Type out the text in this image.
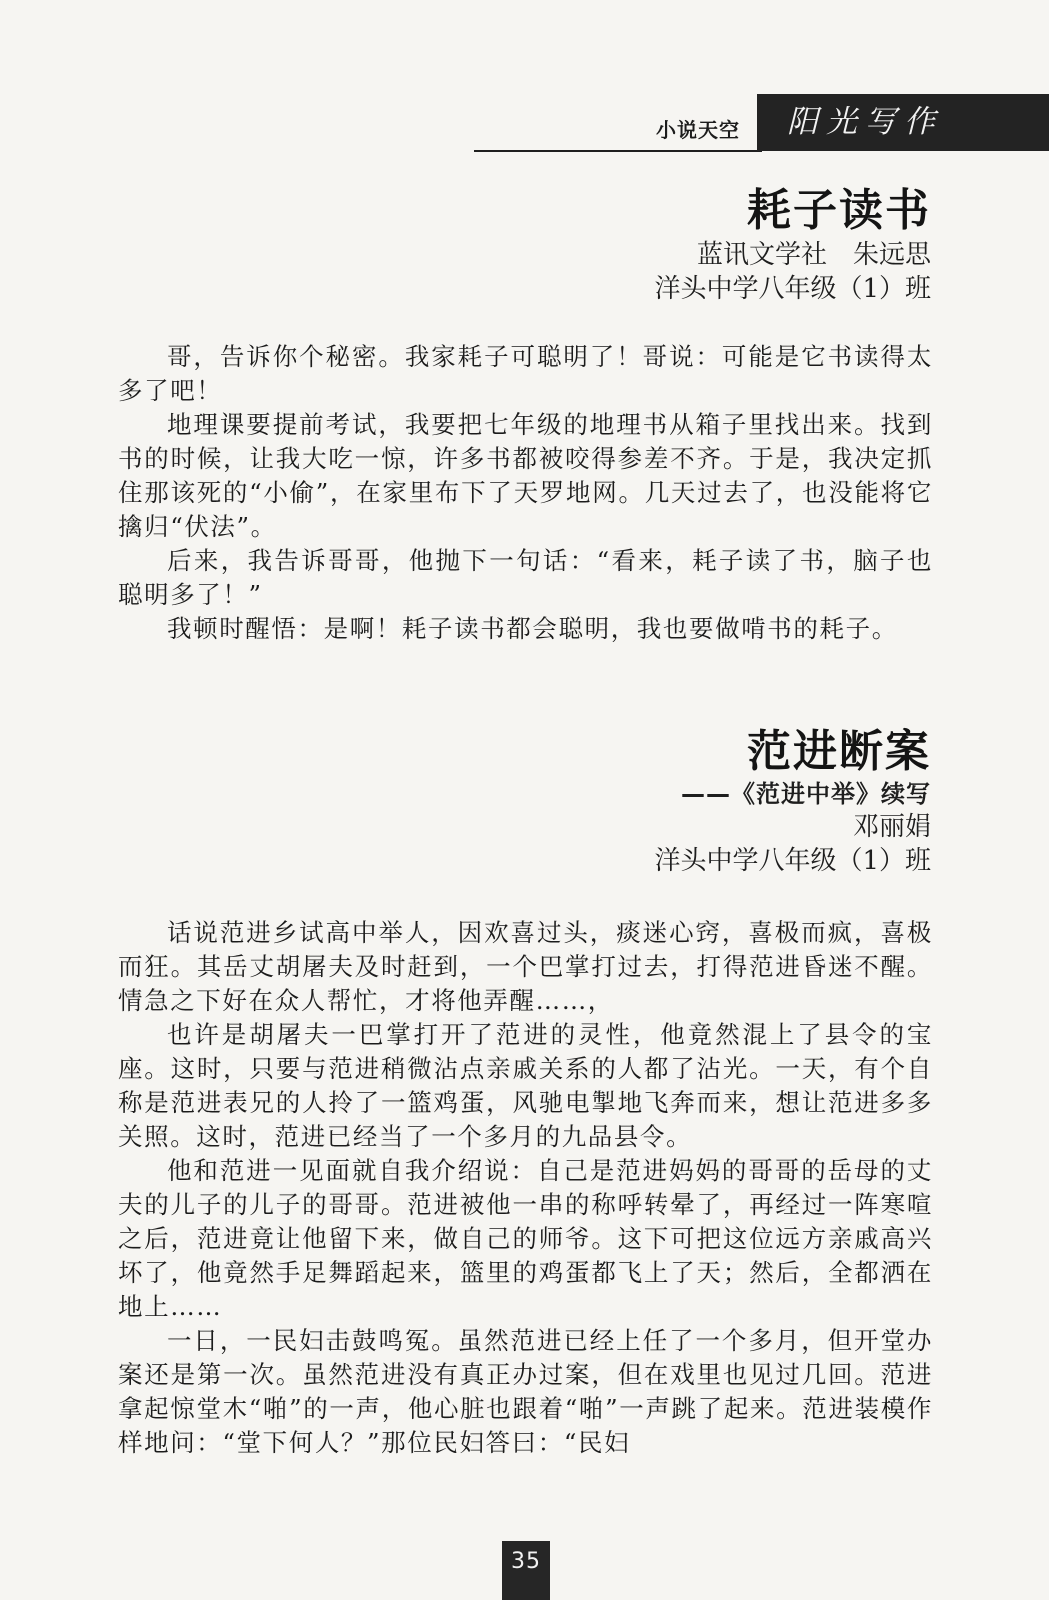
小说天空 阳光写作
耗子读书
蓝讯文学社　朱远思
洋头中学八年级（1）班

哥，告诉你个秘密。我家耗子可聪明了！哥说：可能是它书读得太多了吧！

地理课要提前考试，我要把七年级的地理书从箱子里找出来。找到书的时候，让我大吃一惊，许多书都被咬得参差不齐。于是，我决定抓住那该死的“小偷”，在家里布下了天罗地网。几天过去了，也没能将它擒归“伏法”。

后来，我告诉哥哥，他抛下一句话：“看来，耗子读了书，脑子也聪明多了！”

我顿时醒悟：是啊！耗子读书都会聪明，我也要做啃书的耗子。

范进断案
——《范进中举》续写
邓丽娟
洋头中学八年级（1）班

话说范进乡试高中举人，因欢喜过头，痰迷心窍，喜极而疯，喜极而狂。其岳丈胡屠夫及时赶到，一个巴掌打过去，打得范进昏迷不醒。情急之下好在众人帮忙，才将他弄醒……，

也许是胡屠夫一巴掌打开了范进的灵性，他竟然混上了县令的宝座。这时，只要与范进稍微沾点亲戚关系的人都了沾光。一天，有个自称是范进表兄的人拎了一篮鸡蛋，风驰电掣地飞奔而来，想让范进多多关照。这时，范进已经当了一个多月的九品县令。

他和范进一见面就自我介绍说：自己是范进妈妈的哥哥的岳母的丈夫的儿子的儿子的哥哥。范进被他一串的称呼转晕了，再经过一阵寒喧之后，范进竟让他留下来，做自己的师爷。这下可把这位远方亲戚高兴坏了，他竟然手足舞蹈起来，篮里的鸡蛋都飞上了天；然后，全都洒在地上……

一日，一民妇击鼓鸣冤。虽然范进已经上任了一个多月，但开堂办案还是第一次。虽然范进没有真正办过案，但在戏里也见过几回。范进拿起惊堂木“啪”的一声，他心脏也跟着“啪”一声跳了起来。范进装模作样地问：“堂下何人？”那位民妇答曰：“民妇

35
